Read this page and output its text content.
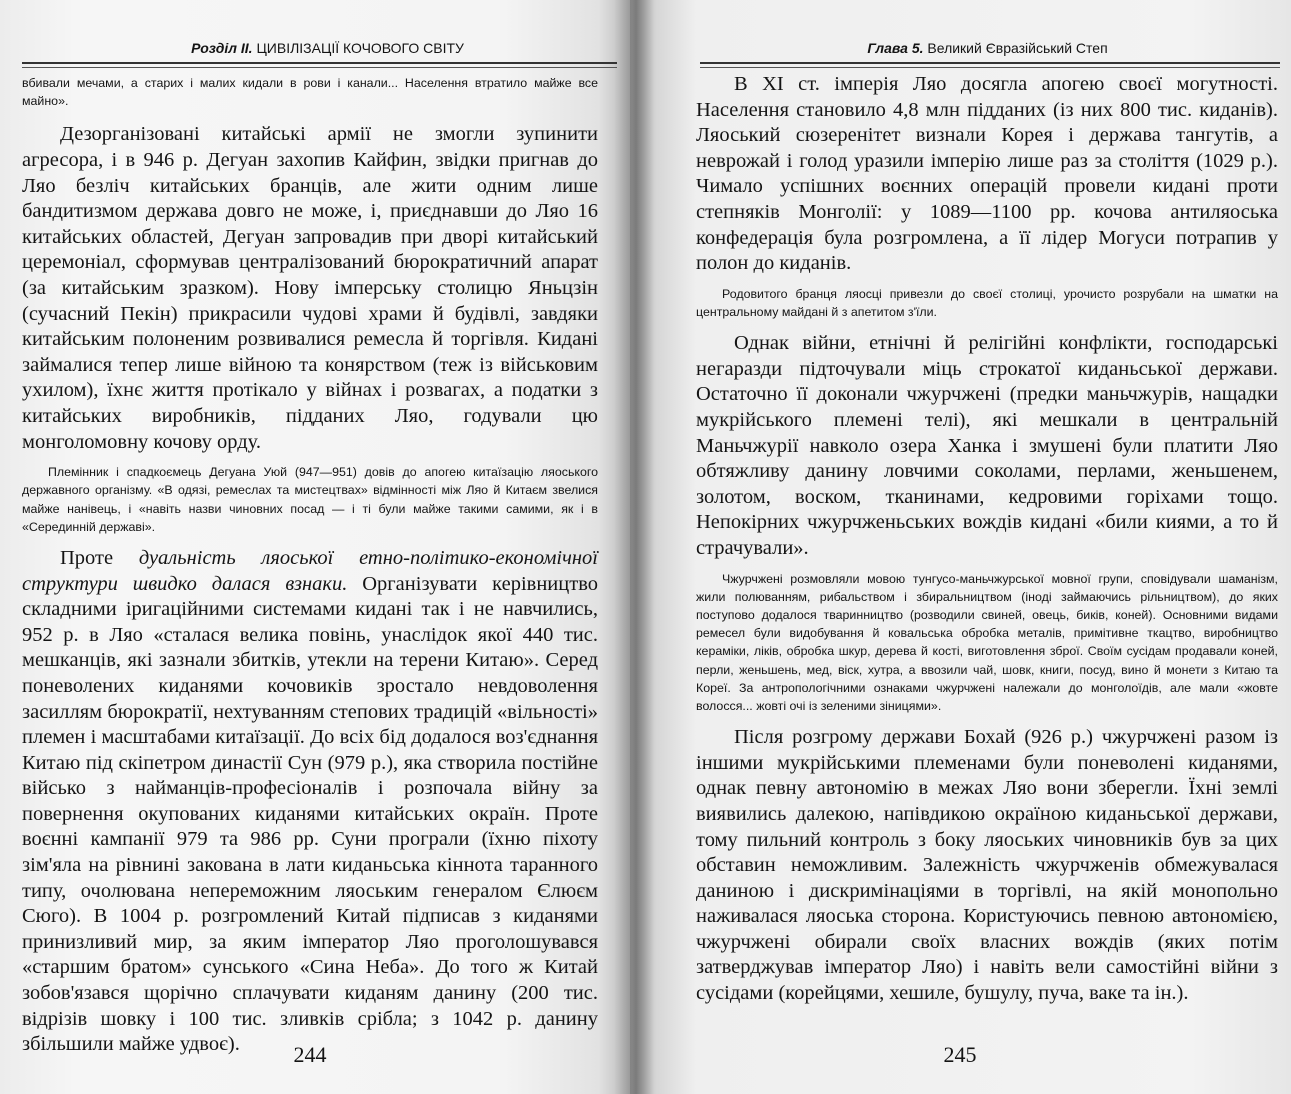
Розділ II. ЦИВІЛІЗАЦІЇ КОЧОВОГО СВІТУ

вбивали мечами, а старих і малих кидали в рови і канали... Населення втратило майже все майно».

Дезорганізовані китайські армії не змогли зупинити агресора, і в 946 р. Дегуан захопив Кайфин, звідки пригнав до Ляо безліч китайських бранців, але жити одним лише бандитизмом держава довго не може, і, приєднавши до Ляо 16 китайських областей, Дегуан запровадив при дворі китайський церемоніал, сформував централізований бюрократичний апарат (за китайським зразком). Нову імперську столицю Яньцзін (сучасний Пекін) прикрасили чудові храми й будівлі, завдяки китайським полоненим розвивалися ремесла й торгівля. Кидані займалися тепер лише війною та конярством (теж із військовим ухилом), їхнє життя протікало у війнах і розвагах, а податки з китайських виробників, підданих Ляо, годували цю монголомовну кочову орду.

Племінник і спадкоємець Дегуана Уюй (947—951) довів до апогею китаїзацію ляоського державного організму. «В одязі, ремеслах та мистецтвах» відмінності між Ляо й Китаєм звелися майже нанівець, і «навіть назви чиновних посад — і ті були майже такими самими, як і в «Серединній державі».

Проте дуальність ляоської етно-політико-економічної структури швидко далася взнаки. Організувати керівництво складними іригаційними системами кидані так і не навчились, 952 р. в Ляо «сталася велика повінь, унаслідок якої 440 тис. мешканців, які зазнали збитків, утекли на терени Китаю». Серед поневолених киданями кочовиків зростало невдоволення засиллям бюрократії, нехтуванням степових традицій «вільності» племен і масштабами китаїзації. До всіх бід додалося воз'єднання Китаю під скіпетром династії Сун (979 р.), яка створила постійне військо з найманців-професіоналів і розпочала війну за повернення окупованих киданями китайських окраїн. Проте воєнні кампанії 979 та 986 рр. Суни програли (їхню піхоту зім'яла на рівнині закована в лати киданьська кіннота таранного типу, очолювана непереможним ляоським генералом Єлюєм Сюго). В 1004 р. розгромлений Китай підписав з киданями принизливий мир, за яким імператор Ляо проголошувався «старшим братом» сунського «Сина Неба». До того ж Китай зобов'язався щорічно сплачувати киданям данину (200 тис. відрізів шовку і 100 тис. зливків срібла; з 1042 р. данину збільшили майже удвоє).	244
Глава 5. Великий Євразійський Степ

В XI ст. імперія Ляо досягла апогею своєї могутності. Населення становило 4,8 млн підданих (із них 800 тис. киданів). Ляоський сюзеренітет визнали Корея і держава тангутів, а неврожай і голод уразили імперію лише раз за століття (1029 р.). Чимало успішних воєнних операцій провели кидані проти степняків Монголії: у 1089—1100 рр. кочова антиляоська конфедерація була розгромлена, а її лідер Могуси потрапив у полон до киданів.

Родовитого бранця ляосці привезли до своєї столиці, урочисто розрубали на шматки на центральному майдані й з апетитом з'їли.

Однак війни, етнічні й релігійні конфлікти, господарські негаразди підточували міць строкатої киданьської держави. Остаточно її доконали чжурчжені (предки маньчжурів, нащадки мукрійського племені телі), які мешкали в центральній Маньчжурії навколо озера Ханка і змушені були платити Ляо обтяжливу данину ловчими соколами, перлами, женьшенем, золотом, воском, тканинами, кедровими горіхами тощо. Непокірних чжурчженьських вождів кидані «били киями, а то й страчували».

Чжурчжені розмовляли мовою тунгусо-маньчжурської мовної групи, сповідували шаманізм, жили полюванням, рибальством і збиральництвом (іноді займаючись рільництвом), до яких поступово додалося тваринництво (розводили свиней, овець, биків, коней). Основними видами ремесел були видобування й ковальська обробка металів, примітивне ткацтво, виробництво кераміки, ліків, обробка шкур, дерева й кості, виготовлення зброї. Своїм сусідам продавали коней, перли, женьшень, мед, віск, хутра, а ввозили чай, шовк, книги, посуд, вино й монети з Китаю та Кореї. За антропологічними ознаками чжурчжені належали до монголоїдів, але мали «жовте волосся... жовті очі із зеленими зіницями».

Після розгрому держави Бохай (926 р.) чжурчжені разом із іншими мукрійськими племенами були поневолені киданями, однак певну автономію в межах Ляо вони зберегли. Їхні землі виявились далекою, напівдикою окраїною киданьської держави, тому пильний контроль з боку ляоських чиновників був за цих обставин неможливим. Залежність чжурчженів обмежувалася даниною і дискримінаціями в торгівлі, на якій монопольно наживалася ляоська сторона. Користуючись певною автономією, чжурчжені обирали своїх власних вождів (яких потім затверджував імператор Ляо) і навіть вели самостійні війни з сусідами (корейцями, хешиле, бушулу, пуча, ваке та ін.).

245
